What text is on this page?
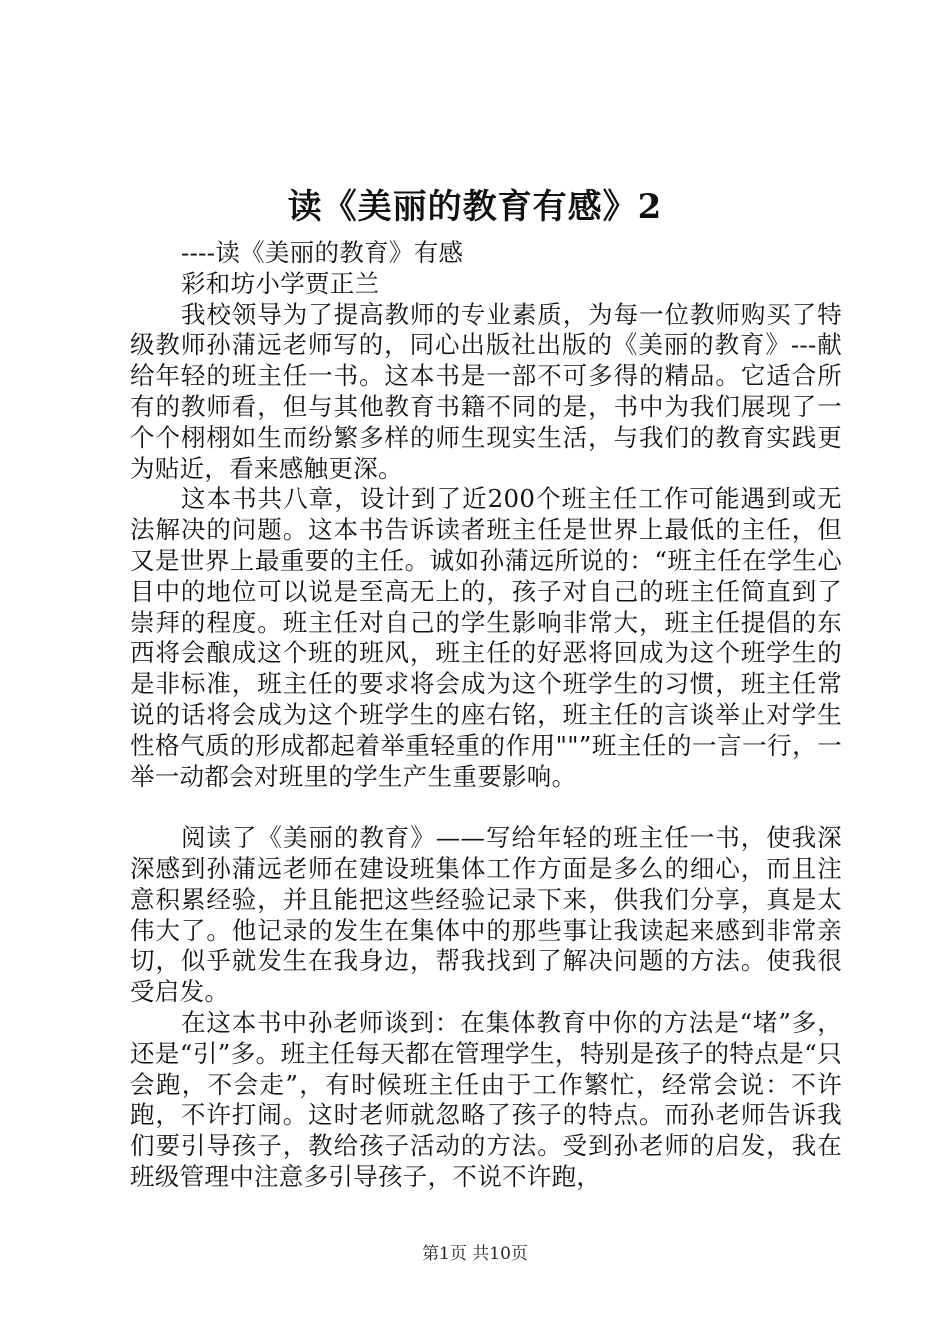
读《美丽的教育有感》2

----读《美丽的教育》有感

彩和坊小学贾正兰

我校领导为了提高教师的专业素质，为每一位教师购买了特级教师孙蒲远老师写的，同心出版社出版的《美丽的教育》---献给年轻的班主任一书。这本书是一部不可多得的精品。它适合所有的教师看，但与其他教育书籍不同的是，书中为我们展现了一个个栩栩如生而纷繁多样的师生现实生活，与我们的教育实践更为贴近，看来感触更深。

这本书共八章，设计到了近200个班主任工作可能遇到或无法解决的问题。这本书告诉读者班主任是世界上最低的主任，但又是世界上最重要的主任。诚如孙蒲远所说的：“班主任在学生心目中的地位可以说是至高无上的，孩子对自己的班主任简直到了崇拜的程度。班主任对自己的学生影响非常大，班主任提倡的东西将会酿成这个班的班风，班主任的好恶将回成为这个班学生的是非标准，班主任的要求将会成为这个班学生的习惯，班主任常说的话将会成为这个班学生的座右铭，班主任的言谈举止对学生性格气质的形成都起着举重轻重的作用""”班主任的一言一行，一举一动都会对班里的学生产生重要影响。

阅读了《美丽的教育》——写给年轻的班主任一书，使我深深感到孙蒲远老师在建设班集体工作方面是多么的细心，而且注意积累经验，并且能把这些经验记录下来，供我们分享，真是太伟大了。他记录的发生在集体中的那些事让我读起来感到非常亲切，似乎就发生在我身边，帮我找到了解决问题的方法。使我很受启发。

在这本书中孙老师谈到：在集体教育中你的方法是“堵”多，还是“引”多。班主任每天都在管理学生，特别是孩子的特点是“只会跑，不会走”，有时候班主任由于工作繁忙，经常会说：不许跑，不许打闹。这时老师就忽略了孩子的特点。而孙老师告诉我们要引导孩子，教给孩子活动的方法。受到孙老师的启发，我在班级管理中注意多引导孩子，不说不许跑，

第1页 共10页
